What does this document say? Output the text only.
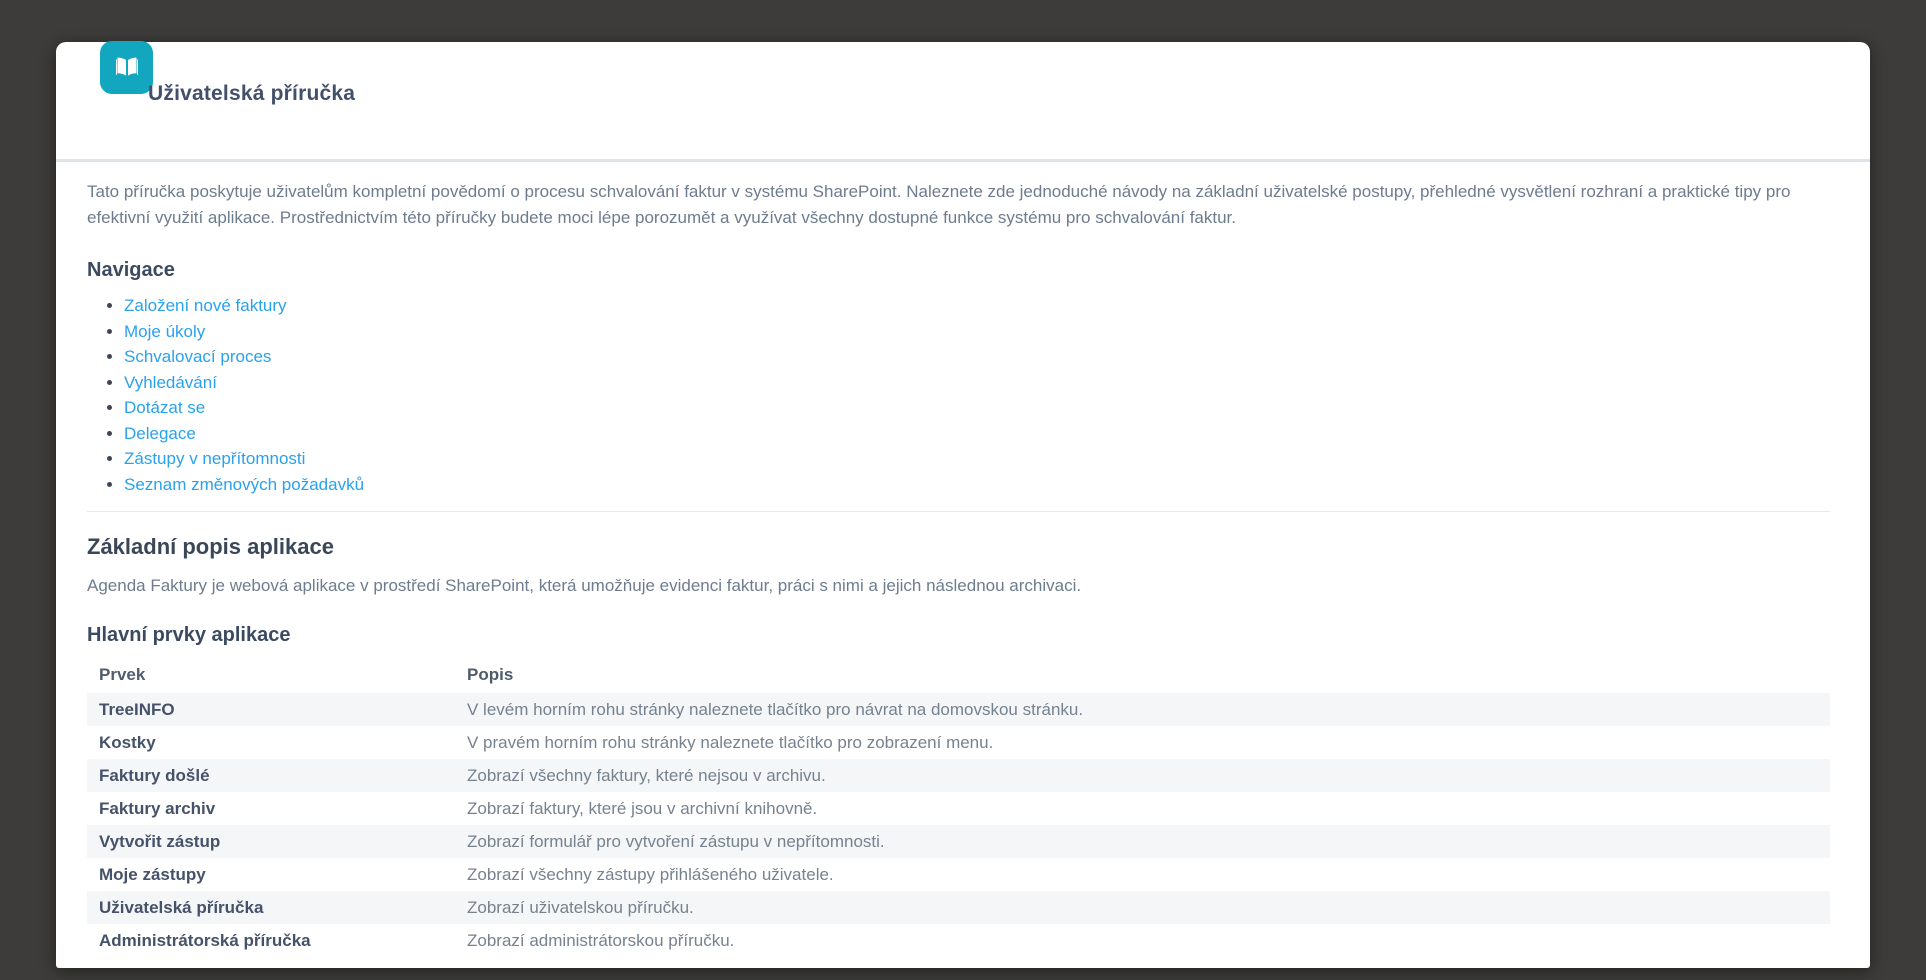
Uživatelská příručka

Tato příručka poskytuje uživatelům kompletní povědomí o procesu schvalování faktur v systému SharePoint. Naleznete zde jednoduché návody na základní uživatelské postupy, přehledné vysvětlení rozhraní a praktické tipy pro efektivní využití aplikace. Prostřednictvím této příručky budete moci lépe porozumět a využívat všechny dostupné funkce systému pro schvalování faktur.

Navigace
• Založení nové faktury
• Moje úkoly
• Schvalovací proces
• Vyhledávání
• Dotázat se
• Delegace
• Zástupy v nepřítomnosti
• Seznam změnových požadavků
Základní popis aplikace

Agenda Faktury je webová aplikace v prostředí SharePoint, která umožňuje evidenci faktur, práci s nimi a jejich následnou archivaci.

Hlavní prvky aplikace
Prvek	Popis
TreeINFO	V levém horním rohu stránky naleznete tlačítko pro návrat na domovskou stránku.
Kostky	V pravém horním rohu stránky naleznete tlačítko pro zobrazení menu.
Faktury došlé	Zobrazí všechny faktury, které nejsou v archivu.
Faktury archiv	Zobrazí faktury, které jsou v archivní knihovně.
Vytvořit zástup	Zobrazí formulář pro vytvoření zástupu v nepřítomnosti.
Moje zástupy	Zobrazí všechny zástupy přihlášeného uživatele.
Uživatelská příručka	Zobrazí uživatelskou příručku.
Administrátorská příručka	Zobrazí administrátorskou příručku.
